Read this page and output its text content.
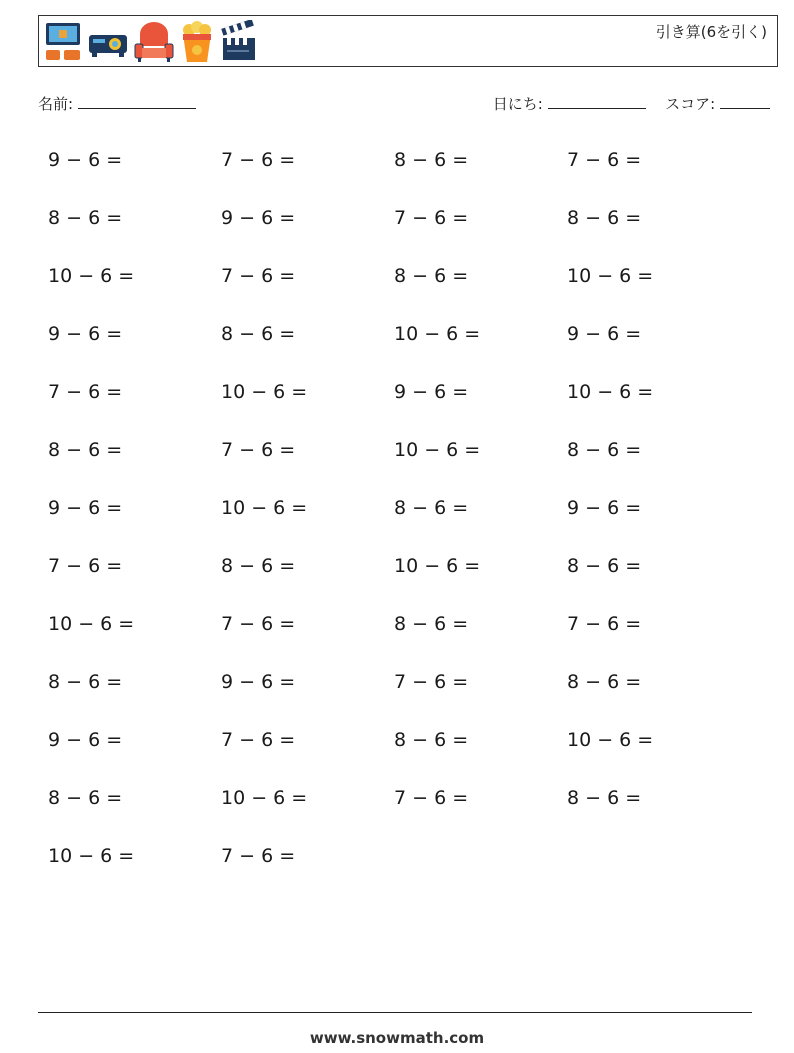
引き算(6を引く)
名前:	日にち:	スコア:
9 − 6 =	7 − 6 =	8 − 6 =	7 − 6 =
8 − 6 =	9 − 6 =	7 − 6 =	8 − 6 =
10 − 6 =	7 − 6 =	8 − 6 =	10 − 6 =
9 − 6 =	8 − 6 =	10 − 6 =	9 − 6 =
7 − 6 =	10 − 6 =	9 − 6 =	10 − 6 =
8 − 6 =	7 − 6 =	10 − 6 =	8 − 6 =
9 − 6 =	10 − 6 =	8 − 6 =	9 − 6 =
7 − 6 =	8 − 6 =	10 − 6 =	8 − 6 =
10 − 6 =	7 − 6 =	8 − 6 =	7 − 6 =
8 − 6 =	9 − 6 =	7 − 6 =	8 − 6 =
9 − 6 =	7 − 6 =	8 − 6 =	10 − 6 =
8 − 6 =	10 − 6 =	7 − 6 =	8 − 6 =
10 − 6 =	7 − 6 =
www.snowmath.com
